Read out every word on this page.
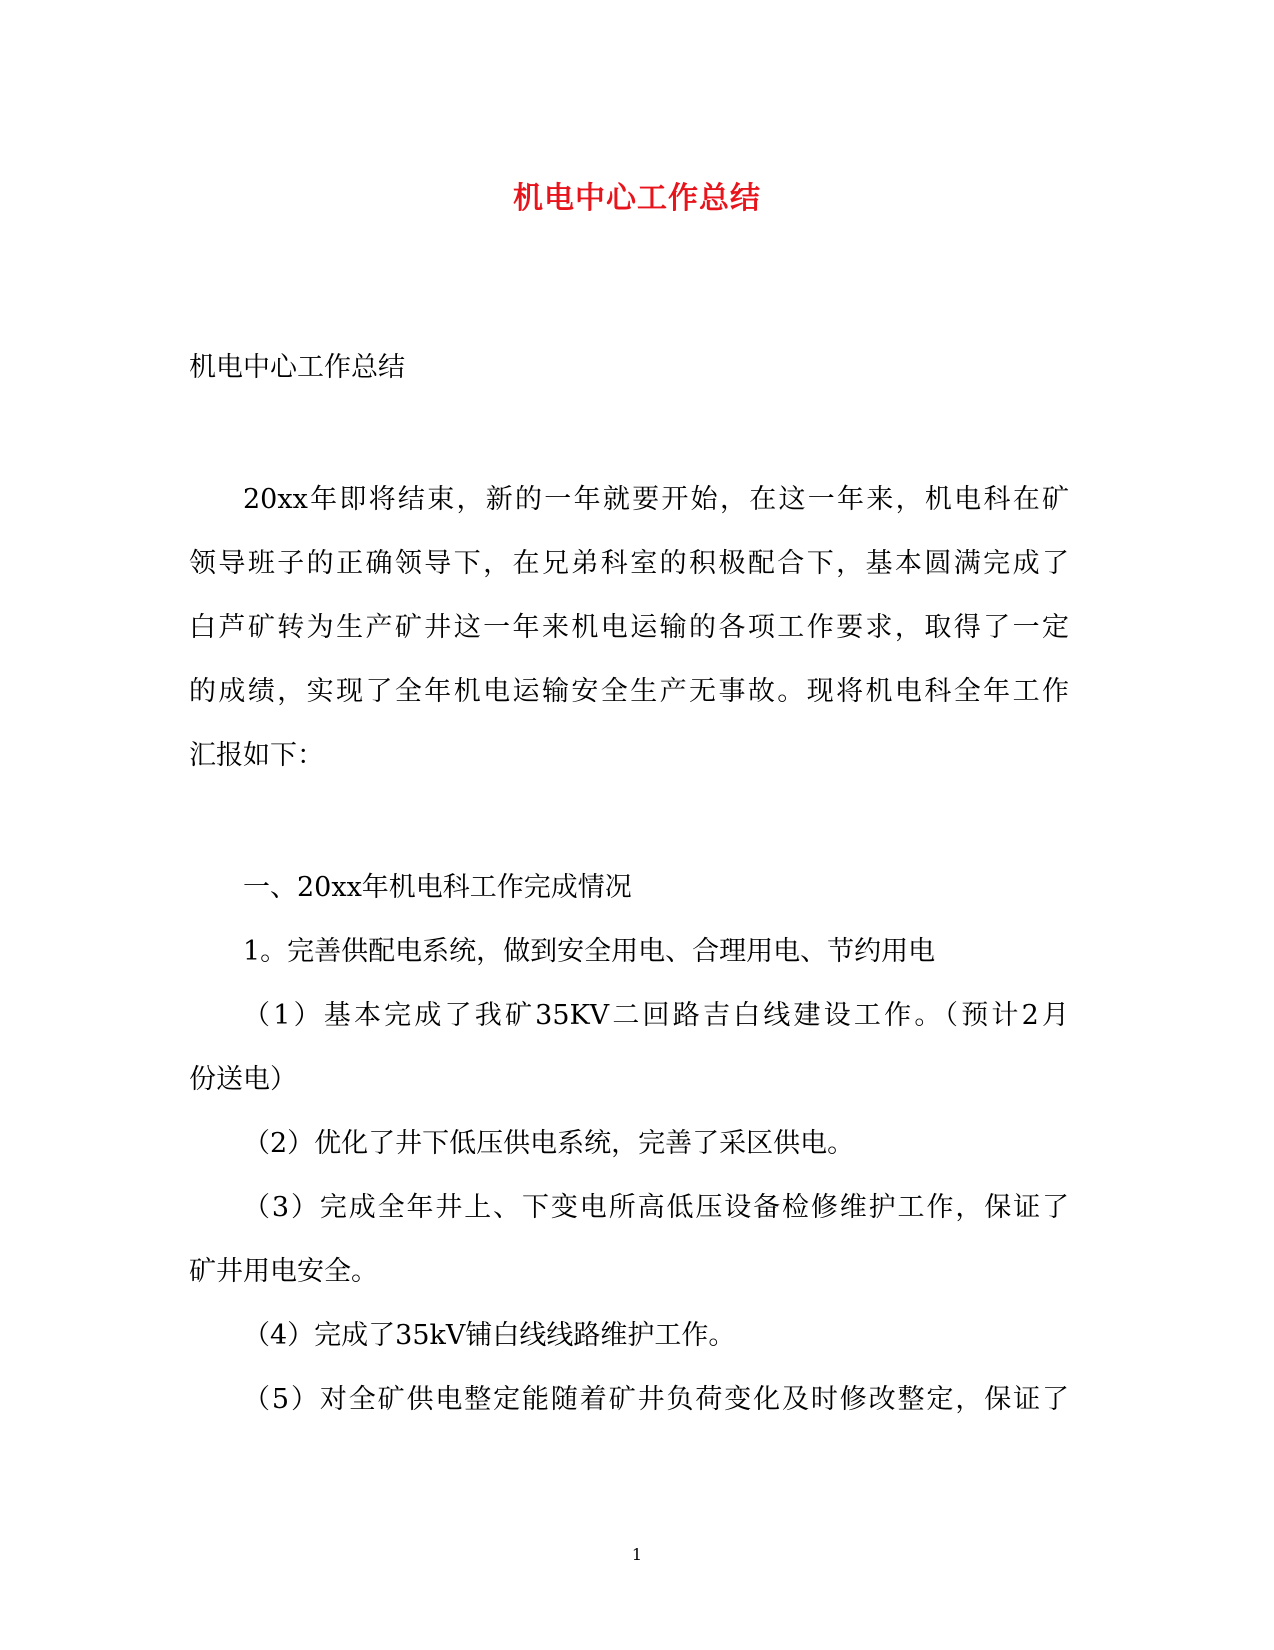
机电中心工作总结
机电中心工作总结
20xx年即将结束，新的一年就要开始，在这一年来，机电科在矿
领导班子的正确领导下，在兄弟科室的积极配合下，基本圆满完成了
白芦矿转为生产矿井这一年来机电运输的各项工作要求，取得了一定
的成绩，实现了全年机电运输安全生产无事故。现将机电科全年工作
汇报如下：
一、20xx年机电科工作完成情况
1。完善供配电系统，做到安全用电、合理用电、节约用电
（1）基本完成了我矿35KV二回路吉白线建设工作。（预计2月
份送电）
（2）优化了井下低压供电系统，完善了采区供电。
（3）完成全年井上、下变电所高低压设备检修维护工作，保证了
矿井用电安全。
（4）完成了35kV铺白线线路维护工作。
（5）对全矿供电整定能随着矿井负荷变化及时修改整定，保证了
1
